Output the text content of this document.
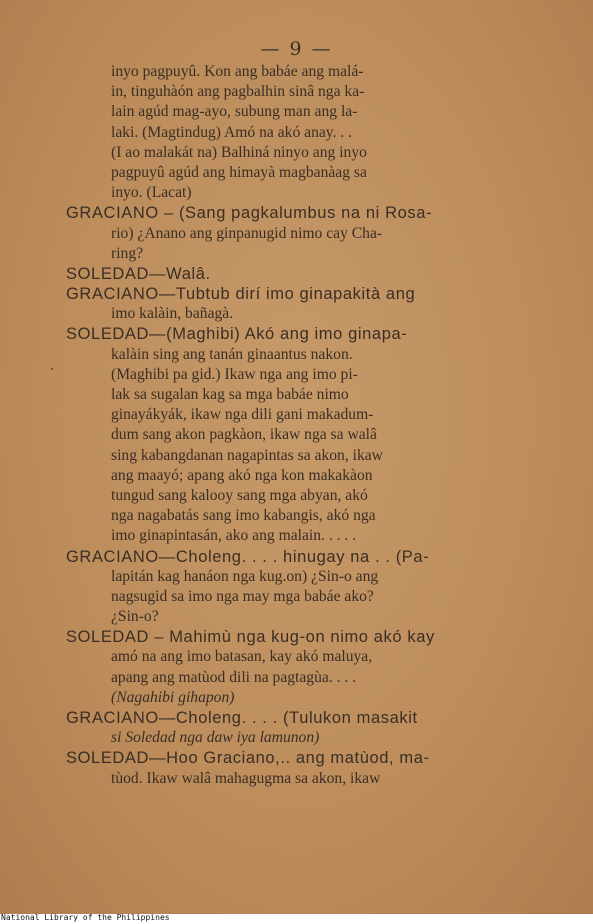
— 9 —
·
inyo pagpuyû. Kon ang babáe ang malá-
in, tinguhàón ang pagbalhin sinâ nga ka-
lain agúd mag-ayo, subung man ang la-
laki. (Magtindug) Amó na akó anay. . .
(I ao malakát na) Balhiná ninyo ang inyo
pagpuyû agúd ang himayà magbanàag sa
inyo. (Lacat)
GRACIANO – (Sang pagkalumbus na ni Rosa-
rio) ¿Anano ang ginpanugid nimo cay Cha-
ring?
SOLEDAD—Walâ.
GRACIANO—Tubtub dirí imo ginapakità ang
imo kalàin, bañagà.
SOLEDAD—(Maghibi) Akó ang imo ginapa-
kalàin sing ang tanán ginaantus nakon.
(Maghibi pa gid.) Ikaw nga ang imo pi-
lak sa sugalan kag sa mga babáe nimo
ginayákyák, ikaw nga dili gani makadum-
dum sang akon pagkàon, ikaw nga sa walâ
sing kabangdanan nagapintas sa akon, ikaw
ang maayó; apang akó nga kon makakàon
tungud sang kalooy sang mga abyan, akó
nga nagabatás sang imo kabangis, akó nga
imo ginapintasán, ako ang malain. . . . .
GRACIANO—Choleng. . . . hinugay na . . (Pa-
lapitán kag hanáon nga kug.on) ¿Sin-o ang
nagsugid sa imo nga may mga babáe ako?
¿Sin-o?
SOLEDAD – Mahimù nga kug-on nimo akó kay
amó na ang imo batasan, kay akó maluya,
apang ang matùod dili na pagtagùa. . . .
(Nagahibi gihapon)
GRACIANO—Choleng. . . . (Tulukon masakit
si Soledad nga daw iya lamunon)
SOLEDAD—Hoo Graciano,.. ang matùod, ma-
tùod. Ikaw walâ mahagugma sa akon, ikaw
National Library of the Philippines
